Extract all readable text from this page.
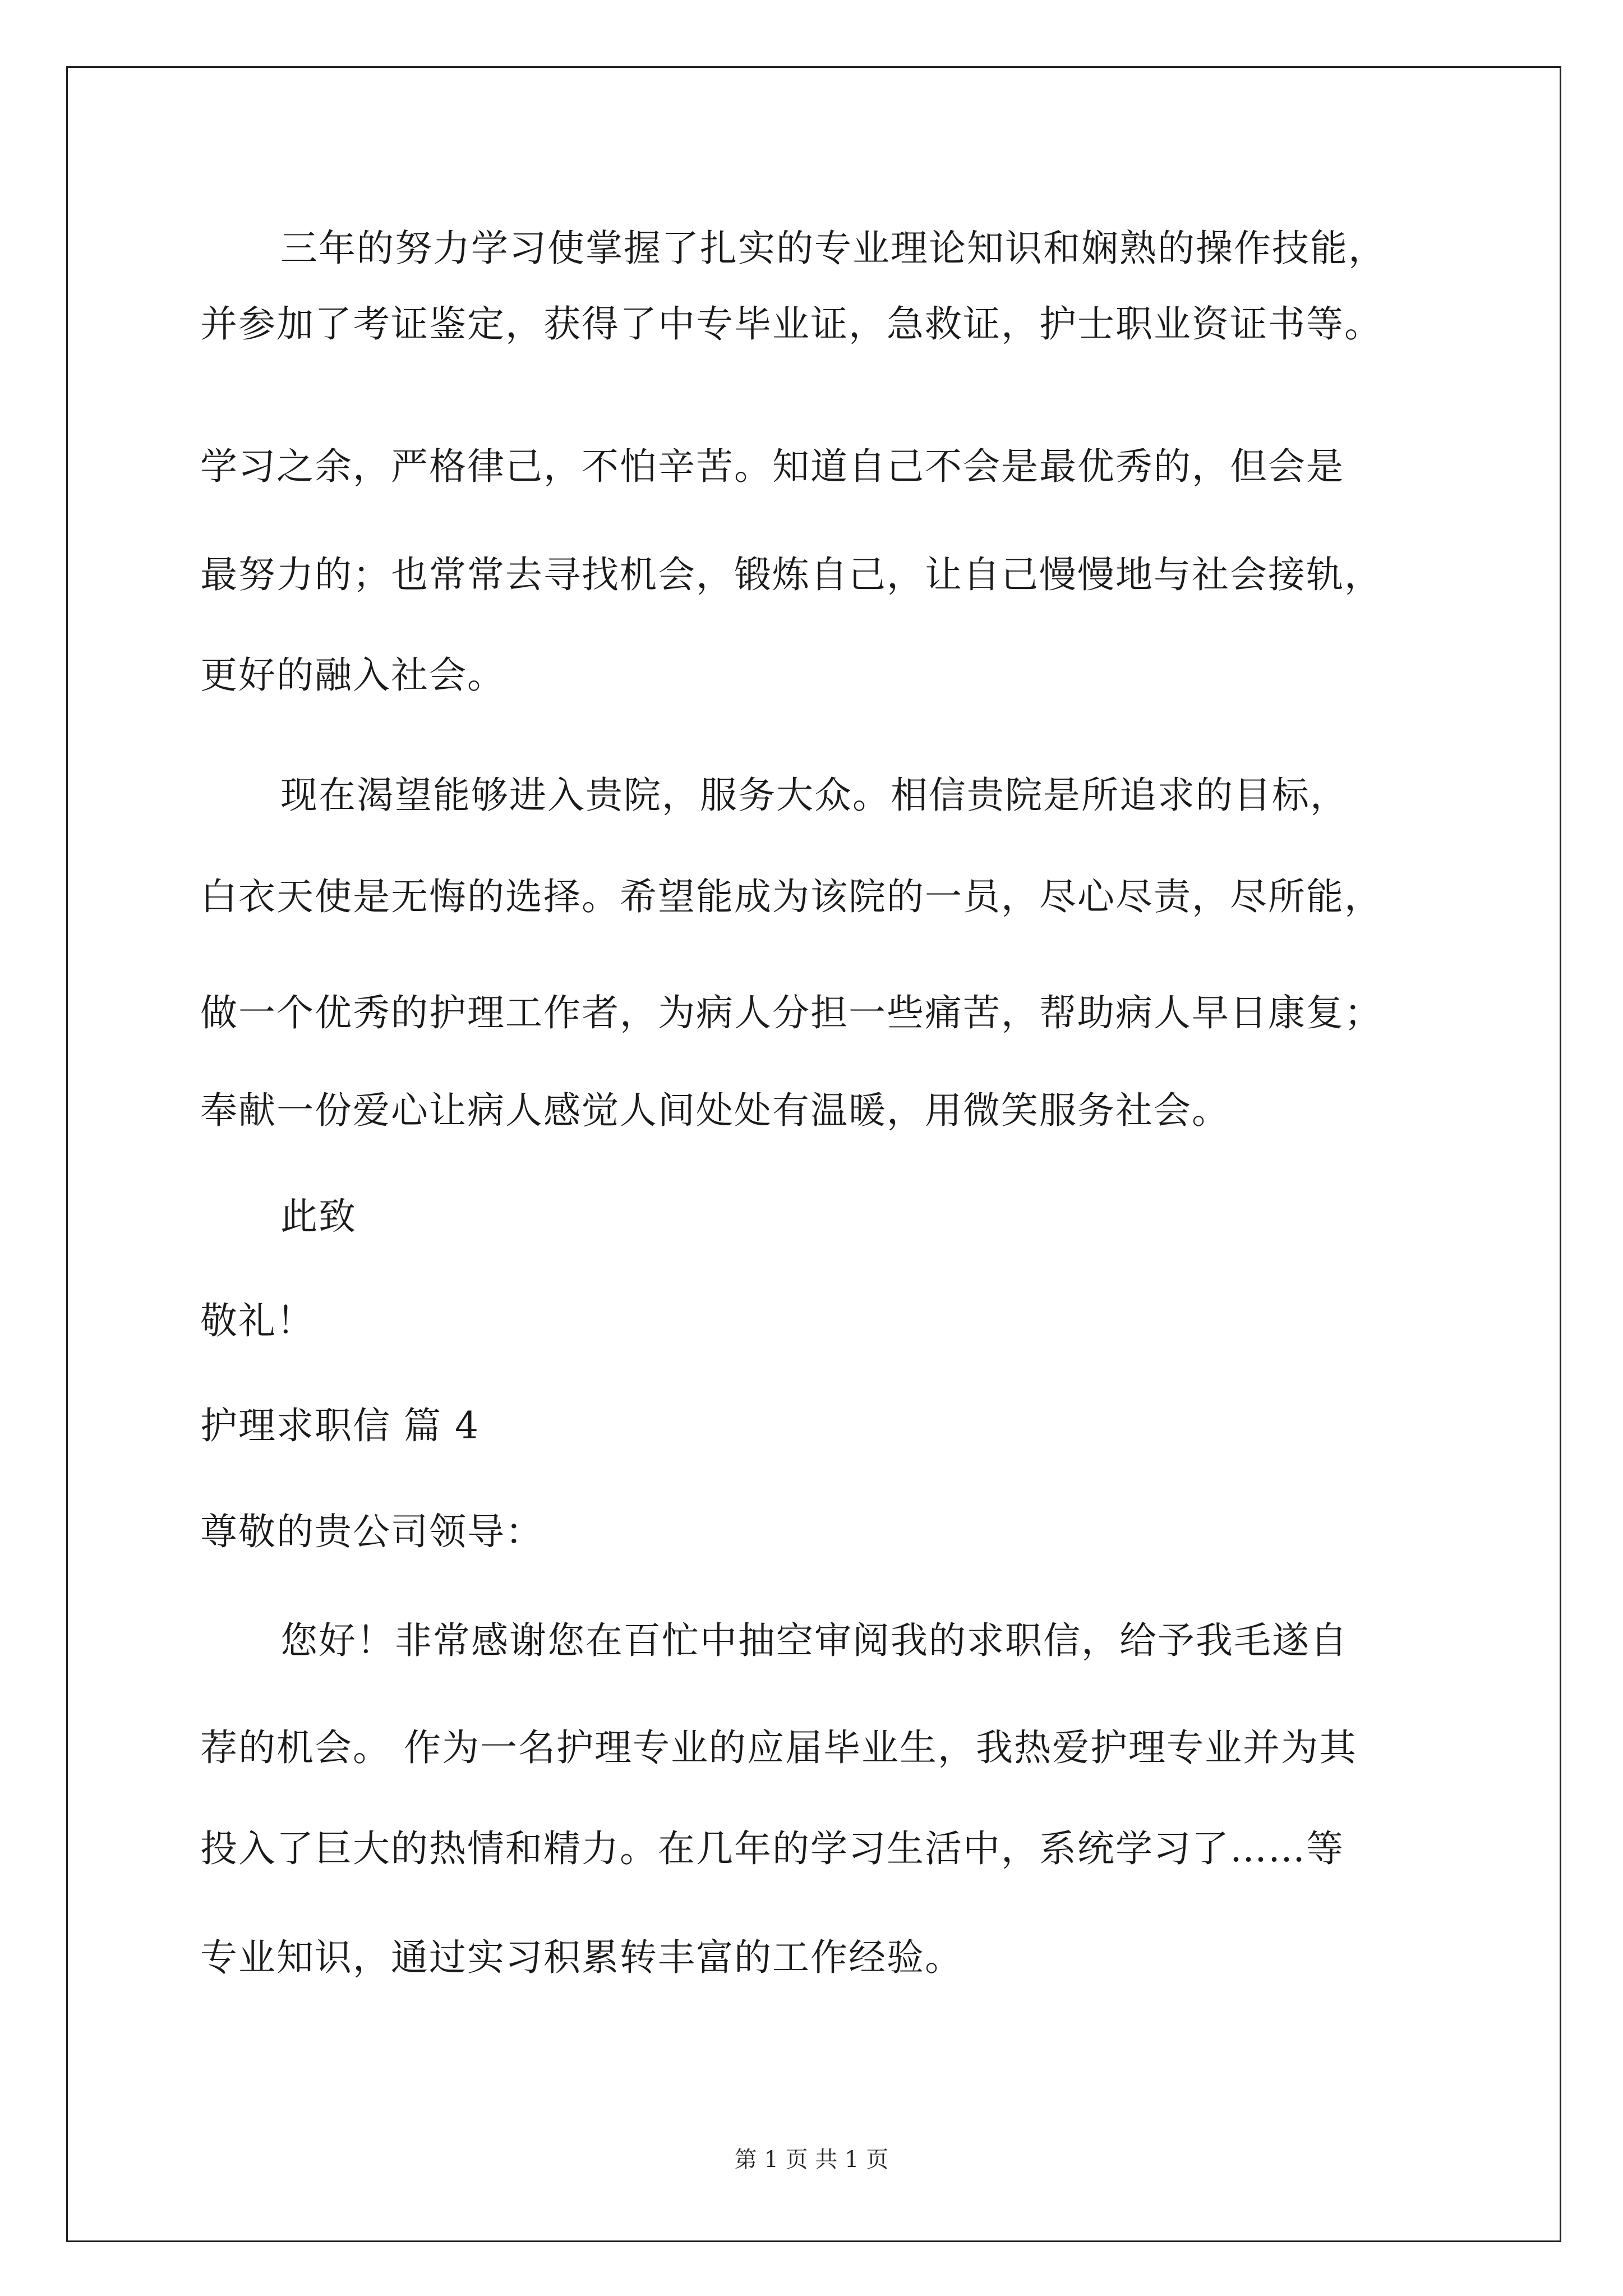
三年的努力学习使掌握了扎实的专业理论知识和娴熟的操作技能，
并参加了考证鉴定，获得了中专毕业证，急救证，护士职业资证书等。
学习之余，严格律己，不怕辛苦。知道自己不会是最优秀的，但会是
最努力的；也常常去寻找机会，锻炼自己，让自己慢慢地与社会接轨，
更好的融入社会。
现在渴望能够进入贵院，服务大众。相信贵院是所追求的目标，
白衣天使是无悔的选择。希望能成为该院的一员，尽心尽责，尽所能，
做一个优秀的护理工作者，为病人分担一些痛苦，帮助病人早日康复；
奉献一份爱心让病人感觉人间处处有温暖，用微笑服务社会。
此致
敬礼！
护理求职信 篇 4
尊敬的贵公司领导：
您好！非常感谢您在百忙中抽空审阅我的求职信，给予我毛遂自
荐的机会。 作为一名护理专业的应届毕业生，我热爱护理专业并为其
投入了巨大的热情和精力。在几年的学习生活中，系统学习了……等
专业知识，通过实习积累转丰富的工作经验。
第 1 页 共 1 页
